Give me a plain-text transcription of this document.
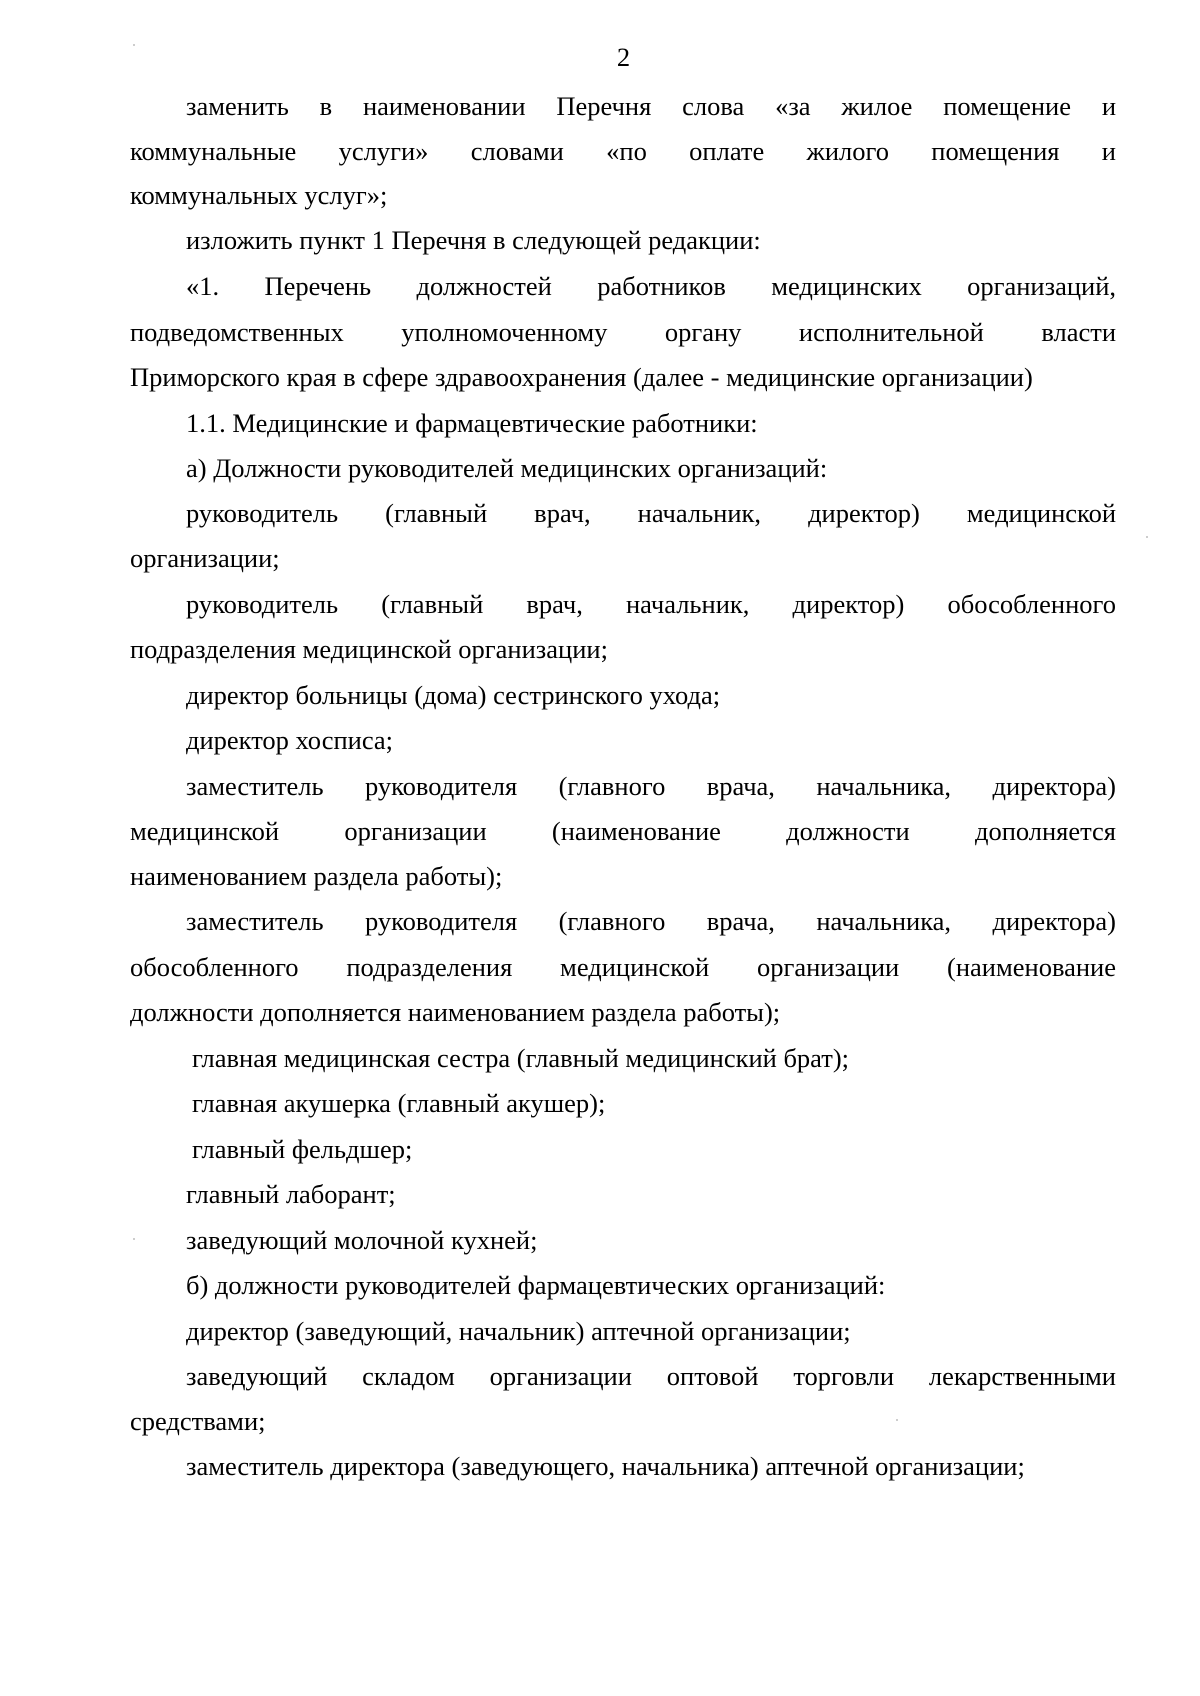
2
заменить в наименовании Перечня слова «за жилое помещение и
коммунальные услуги» словами «по оплате жилого помещения и
коммунальных услуг»;
изложить пункт 1 Перечня в следующей редакции:
«1. Перечень должностей работников медицинских организаций,
подведомственных уполномоченному органу исполнительной власти
Приморского края в сфере здравоохранения (далее - медицинские организации)
1.1. Медицинские и фармацевтические работники:
а) Должности руководителей медицинских организаций:
руководитель (главный врач, начальник, директор) медицинской
организации;
руководитель (главный врач, начальник, директор) обособленного
подразделения медицинской организации;
директор больницы (дома) сестринского ухода;
директор хосписа;
заместитель руководителя (главного врача, начальника, директора)
медицинской организации (наименование должности дополняется
наименованием раздела работы);
заместитель руководителя (главного врача, начальника, директора)
обособленного подразделения медицинской организации (наименование
должности дополняется наименованием раздела работы);
главная медицинская сестра (главный медицинский брат);
главная акушерка (главный акушер);
главный фельдшер;
главный лаборант;
заведующий молочной кухней;
б) должности руководителей фармацевтических организаций:
директор (заведующий, начальник) аптечной организации;
заведующий складом организации оптовой торговли лекарственными
средствами;
заместитель директора (заведующего, начальника) аптечной организации;
